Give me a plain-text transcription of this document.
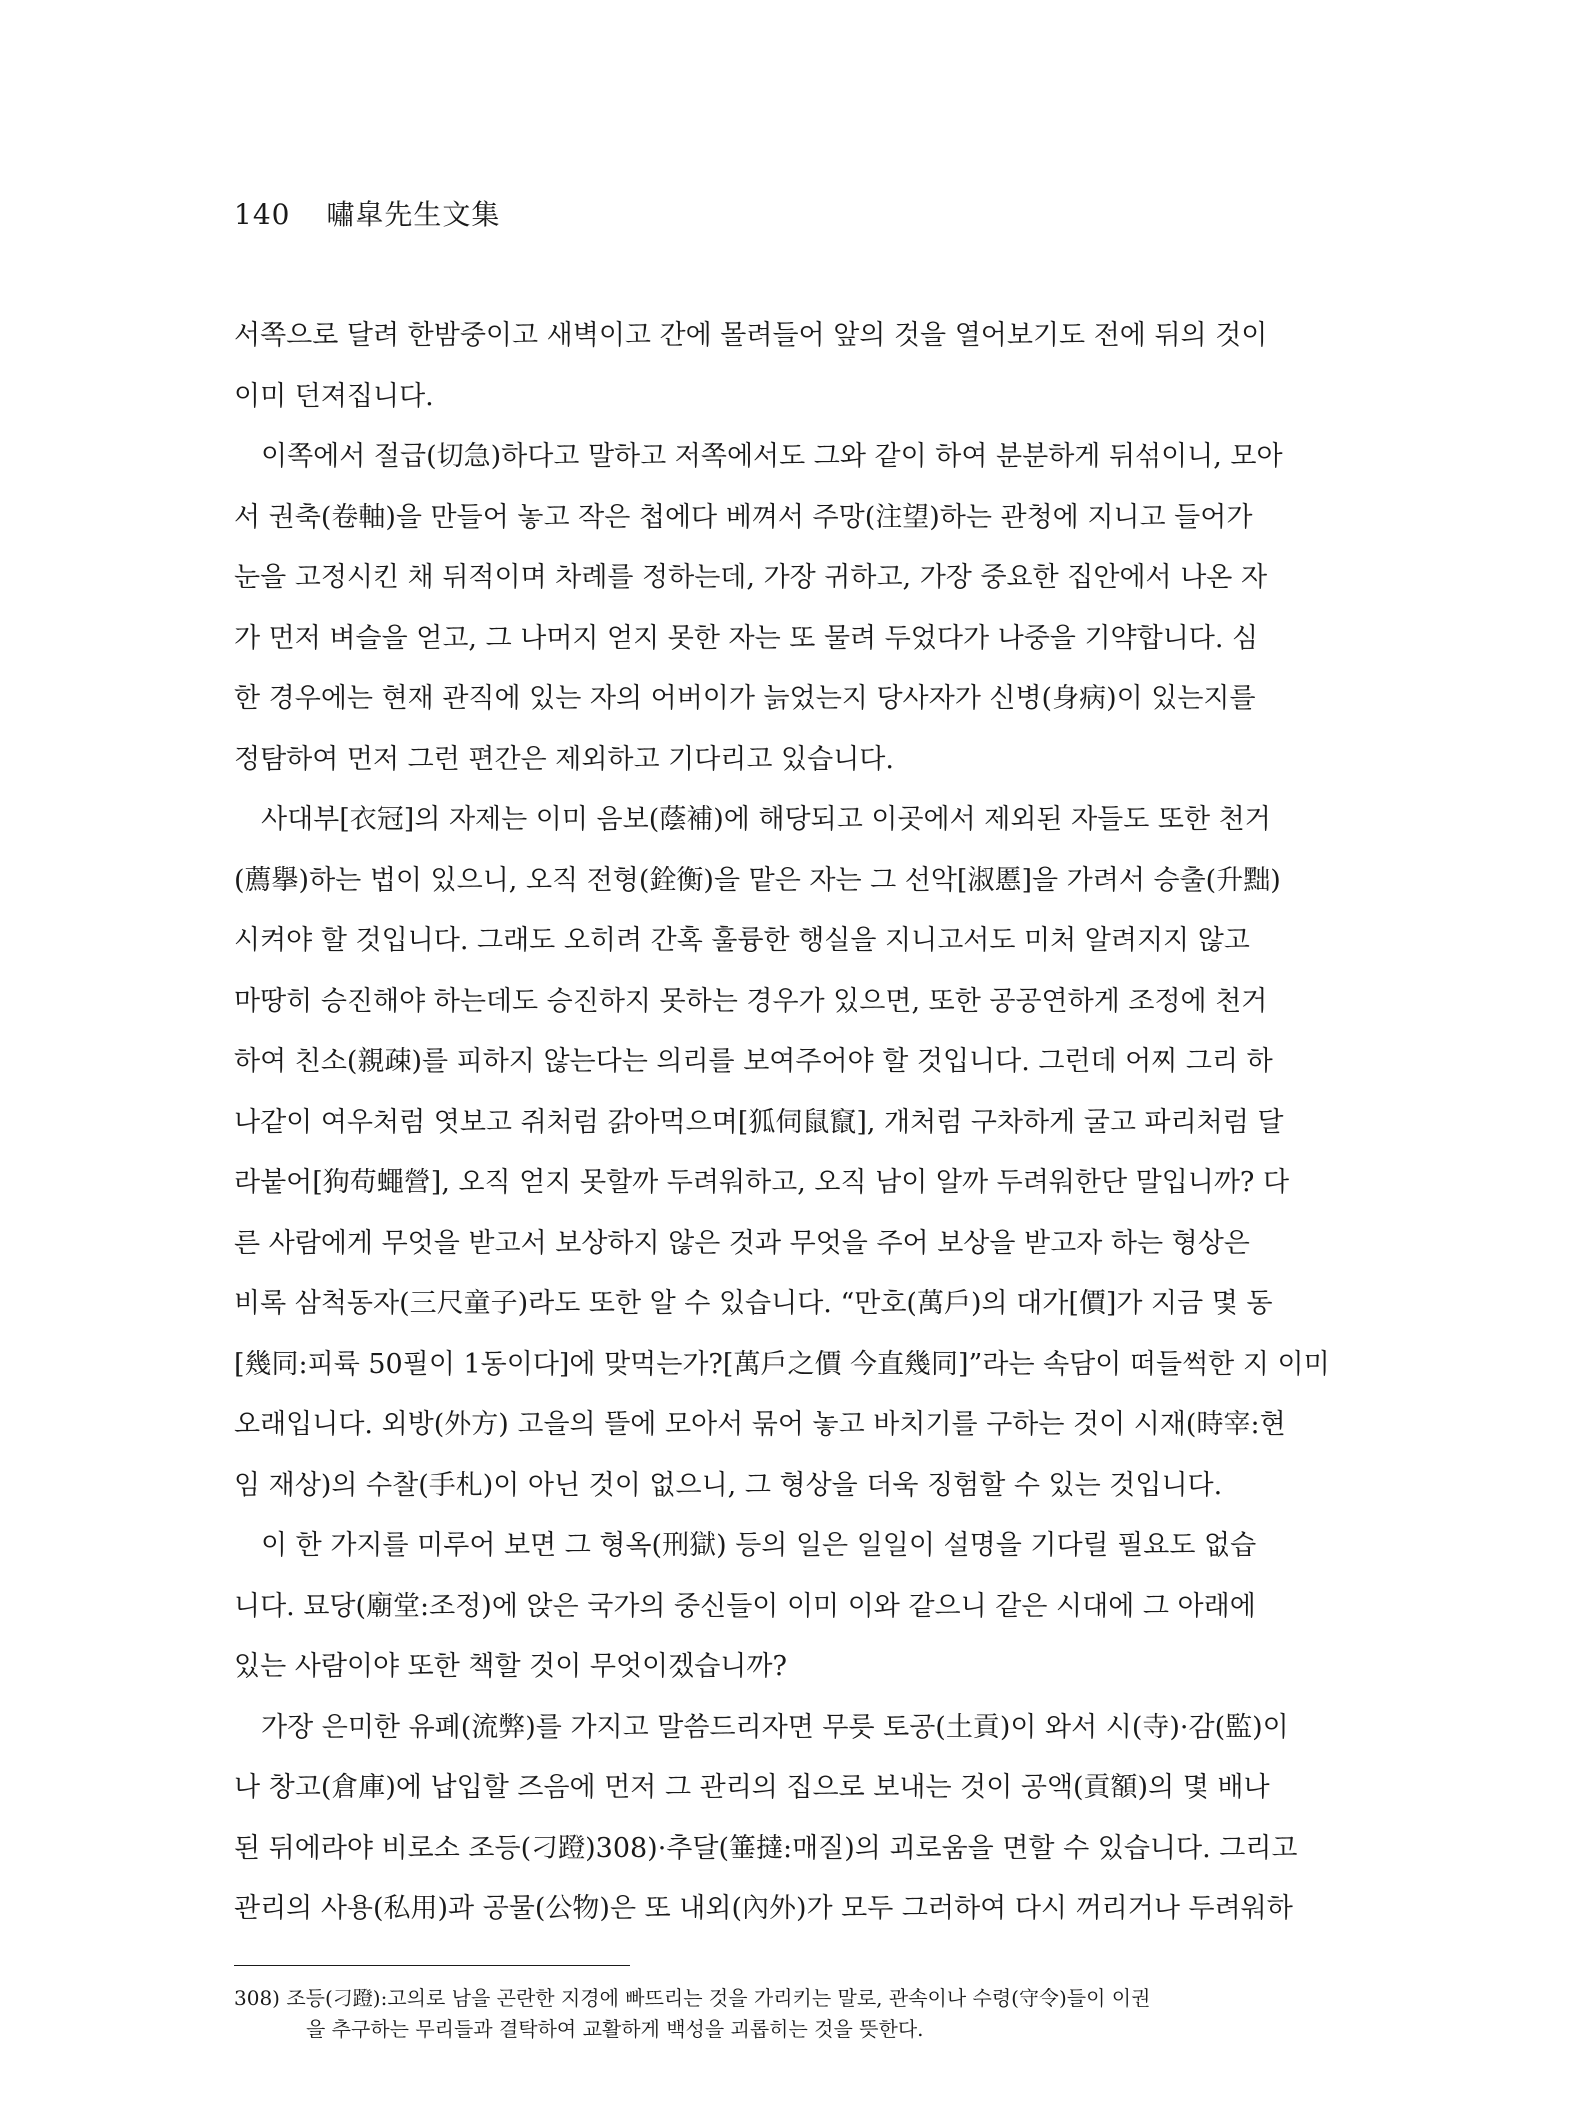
140 嘯皐先生文集
서쪽으로 달려 한밤중이고 새벽이고 간에 몰려들어 앞의 것을 열어보기도 전에 뒤의 것이
이미 던져집니다.
이쪽에서 절급(切急)하다고 말하고 저쪽에서도 그와 같이 하여 분분하게 뒤섞이니, 모아
서 권축(卷軸)을 만들어 놓고 작은 첩에다 베껴서 주망(注望)하는 관청에 지니고 들어가
눈을 고정시킨 채 뒤적이며 차례를 정하는데, 가장 귀하고, 가장 중요한 집안에서 나온 자
가 먼저 벼슬을 얻고, 그 나머지 얻지 못한 자는 또 물려 두었다가 나중을 기약합니다. 심
한 경우에는 현재 관직에 있는 자의 어버이가 늙었는지 당사자가 신병(身病)이 있는지를
정탐하여 먼저 그런 편간은 제외하고 기다리고 있습니다.
사대부[衣冠]의 자제는 이미 음보(蔭補)에 해당되고 이곳에서 제외된 자들도 또한 천거
(薦擧)하는 법이 있으니, 오직 전형(銓衡)을 맡은 자는 그 선악[淑慝]을 가려서 승출(升黜)
시켜야 할 것입니다. 그래도 오히려 간혹 훌륭한 행실을 지니고서도 미처 알려지지 않고
마땅히 승진해야 하는데도 승진하지 못하는 경우가 있으면, 또한 공공연하게 조정에 천거
하여 친소(親疎)를 피하지 않는다는 의리를 보여주어야 할 것입니다. 그런데 어찌 그리 하
나같이 여우처럼 엿보고 쥐처럼 갉아먹으며[狐伺鼠竄], 개처럼 구차하게 굴고 파리처럼 달
라붙어[狗苟蠅營], 오직 얻지 못할까 두려워하고, 오직 남이 알까 두려워한단 말입니까? 다
른 사람에게 무엇을 받고서 보상하지 않은 것과 무엇을 주어 보상을 받고자 하는 형상은
비록 삼척동자(三尺童子)라도 또한 알 수 있습니다. “만호(萬戶)의 대가[價]가 지금 몇 동
[幾同:피륙 50필이 1동이다]에 맞먹는가?[萬戶之價 今直幾同]”라는 속담이 떠들썩한 지 이미
오래입니다. 외방(外方) 고을의 뜰에 모아서 묶어 놓고 바치기를 구하는 것이 시재(時宰:현
임 재상)의 수찰(手札)이 아닌 것이 없으니, 그 형상을 더욱 징험할 수 있는 것입니다.
이 한 가지를 미루어 보면 그 형옥(刑獄) 등의 일은 일일이 설명을 기다릴 필요도 없습
니다. 묘당(廟堂:조정)에 앉은 국가의 중신들이 이미 이와 같으니 같은 시대에 그 아래에
있는 사람이야 또한 책할 것이 무엇이겠습니까?
가장 은미한 유폐(流弊)를 가지고 말씀드리자면 무릇 토공(土貢)이 와서 시(寺)·감(監)이
나 창고(倉庫)에 납입할 즈음에 먼저 그 관리의 집으로 보내는 것이 공액(貢額)의 몇 배나
된 뒤에라야 비로소 조등(刁蹬)308)·추달(箠撻:매질)의 괴로움을 면할 수 있습니다. 그리고
관리의 사용(私用)과 공물(公物)은 또 내외(內外)가 모두 그러하여 다시 꺼리거나 두려워하
308) 조등(刁蹬):고의로 남을 곤란한 지경에 빠뜨리는 것을 가리키는 말로, 관속이나 수령(守令)들이 이권
을 추구하는 무리들과 결탁하여 교활하게 백성을 괴롭히는 것을 뜻한다.
